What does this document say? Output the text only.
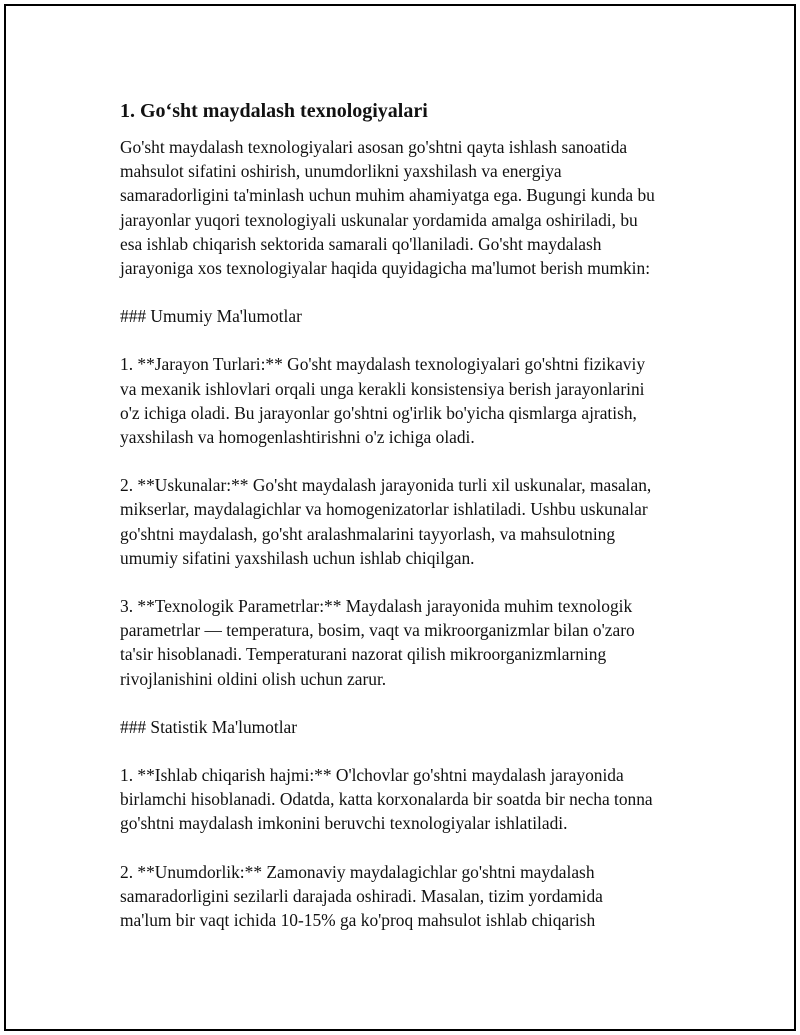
1. Go‘sht maydalash texnologiyalari

Go'sht maydalash texnologiyalari asosan go'shtni qayta ishlash sanoatida
mahsulot sifatini oshirish, unumdorlikni yaxshilash va energiya
samaradorligini ta'minlash uchun muhim ahamiyatga ega. Bugungi kunda bu
jarayonlar yuqori texnologiyali uskunalar yordamida amalga oshiriladi, bu
esa ishlab chiqarish sektorida samarali qo'llaniladi. Go'sht maydalash
jarayoniga xos texnologiyalar haqida quyidagicha ma'lumot berish mumkin:

### Umumiy Ma'lumotlar

1. **Jarayon Turlari:** Go'sht maydalash texnologiyalari go'shtni fizikaviy
va mexanik ishlovlari orqali unga kerakli konsistensiya berish jarayonlarini
o'z ichiga oladi. Bu jarayonlar go'shtni og'irlik bo'yicha qismlarga ajratish,
yaxshilash va homogenlashtirishni o'z ichiga oladi.

2. **Uskunalar:** Go'sht maydalash jarayonida turli xil uskunalar, masalan,
mikserlar, maydalagichlar va homogenizatorlar ishlatiladi. Ushbu uskunalar
go'shtni maydalash, go'sht aralashmalarini tayyorlash, va mahsulotning
umumiy sifatini yaxshilash uchun ishlab chiqilgan.

3. **Texnologik Parametrlar:** Maydalash jarayonida muhim texnologik
parametrlar — temperatura, bosim, vaqt va mikroorganizmlar bilan o'zaro
ta'sir hisoblanadi. Temperaturani nazorat qilish mikroorganizmlarning
rivojlanishini oldini olish uchun zarur.

### Statistik Ma'lumotlar

1. **Ishlab chiqarish hajmi:** O'lchovlar go'shtni maydalash jarayonida
birlamchi hisoblanadi. Odatda, katta korxonalarda bir soatda bir necha tonna
go'shtni maydalash imkonini beruvchi texnologiyalar ishlatiladi.

2. **Unumdorlik:** Zamonaviy maydalagichlar go'shtni maydalash
samaradorligini sezilarli darajada oshiradi. Masalan, tizim yordamida
ma'lum bir vaqt ichida 10-15% ga ko'proq mahsulot ishlab chiqarish
